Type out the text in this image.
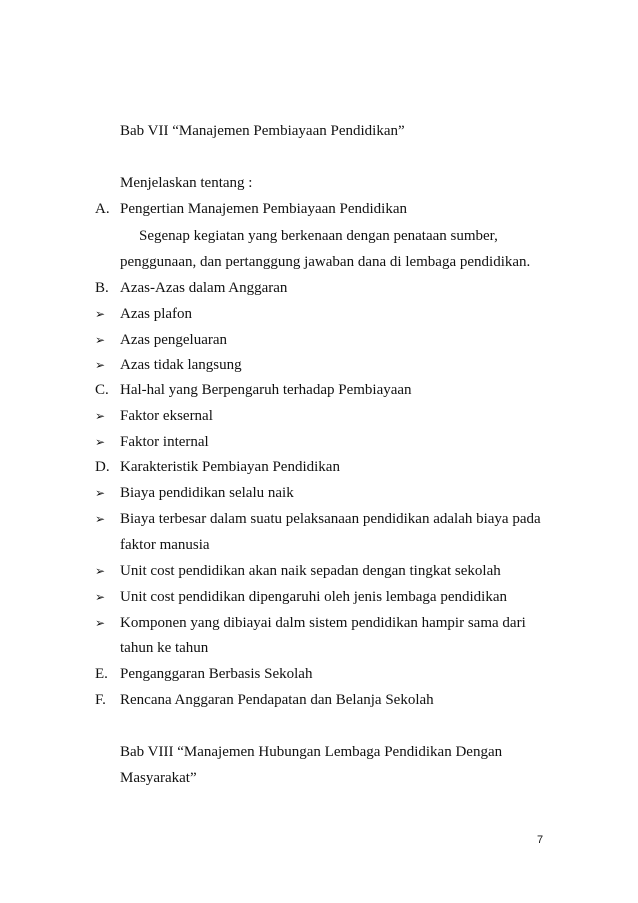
Bab VII “Manajemen Pembiayaan Pendidikan”
Menjelaskan tentang :
A. Pengertian Manajemen Pembiayaan Pendidikan
Segenap kegiatan yang berkenaan dengan penataan sumber,
penggunaan, dan pertanggung jawaban dana di lembaga pendidikan.
B. Azas-Azas dalam Anggaran
➢ Azas plafon
➢ Azas pengeluaran
➢ Azas tidak langsung
C. Hal-hal yang Berpengaruh terhadap Pembiayaan
➢ Faktor eksernal
➢ Faktor internal
D. Karakteristik Pembiayan Pendidikan
➢ Biaya pendidikan selalu naik
➢ Biaya terbesar dalam suatu pelaksanaan pendidikan adalah biaya pada
faktor manusia
➢ Unit cost pendidikan akan naik sepadan dengan tingkat sekolah
➢ Unit cost pendidikan dipengaruhi oleh jenis lembaga pendidikan
➢ Komponen yang dibiayai dalm sistem pendidikan hampir sama dari
tahun ke tahun
E. Penganggaran Berbasis Sekolah
F. Rencana Anggaran Pendapatan dan Belanja Sekolah
Bab VIII “Manajemen Hubungan Lembaga Pendidikan Dengan
Masyarakat”
7
